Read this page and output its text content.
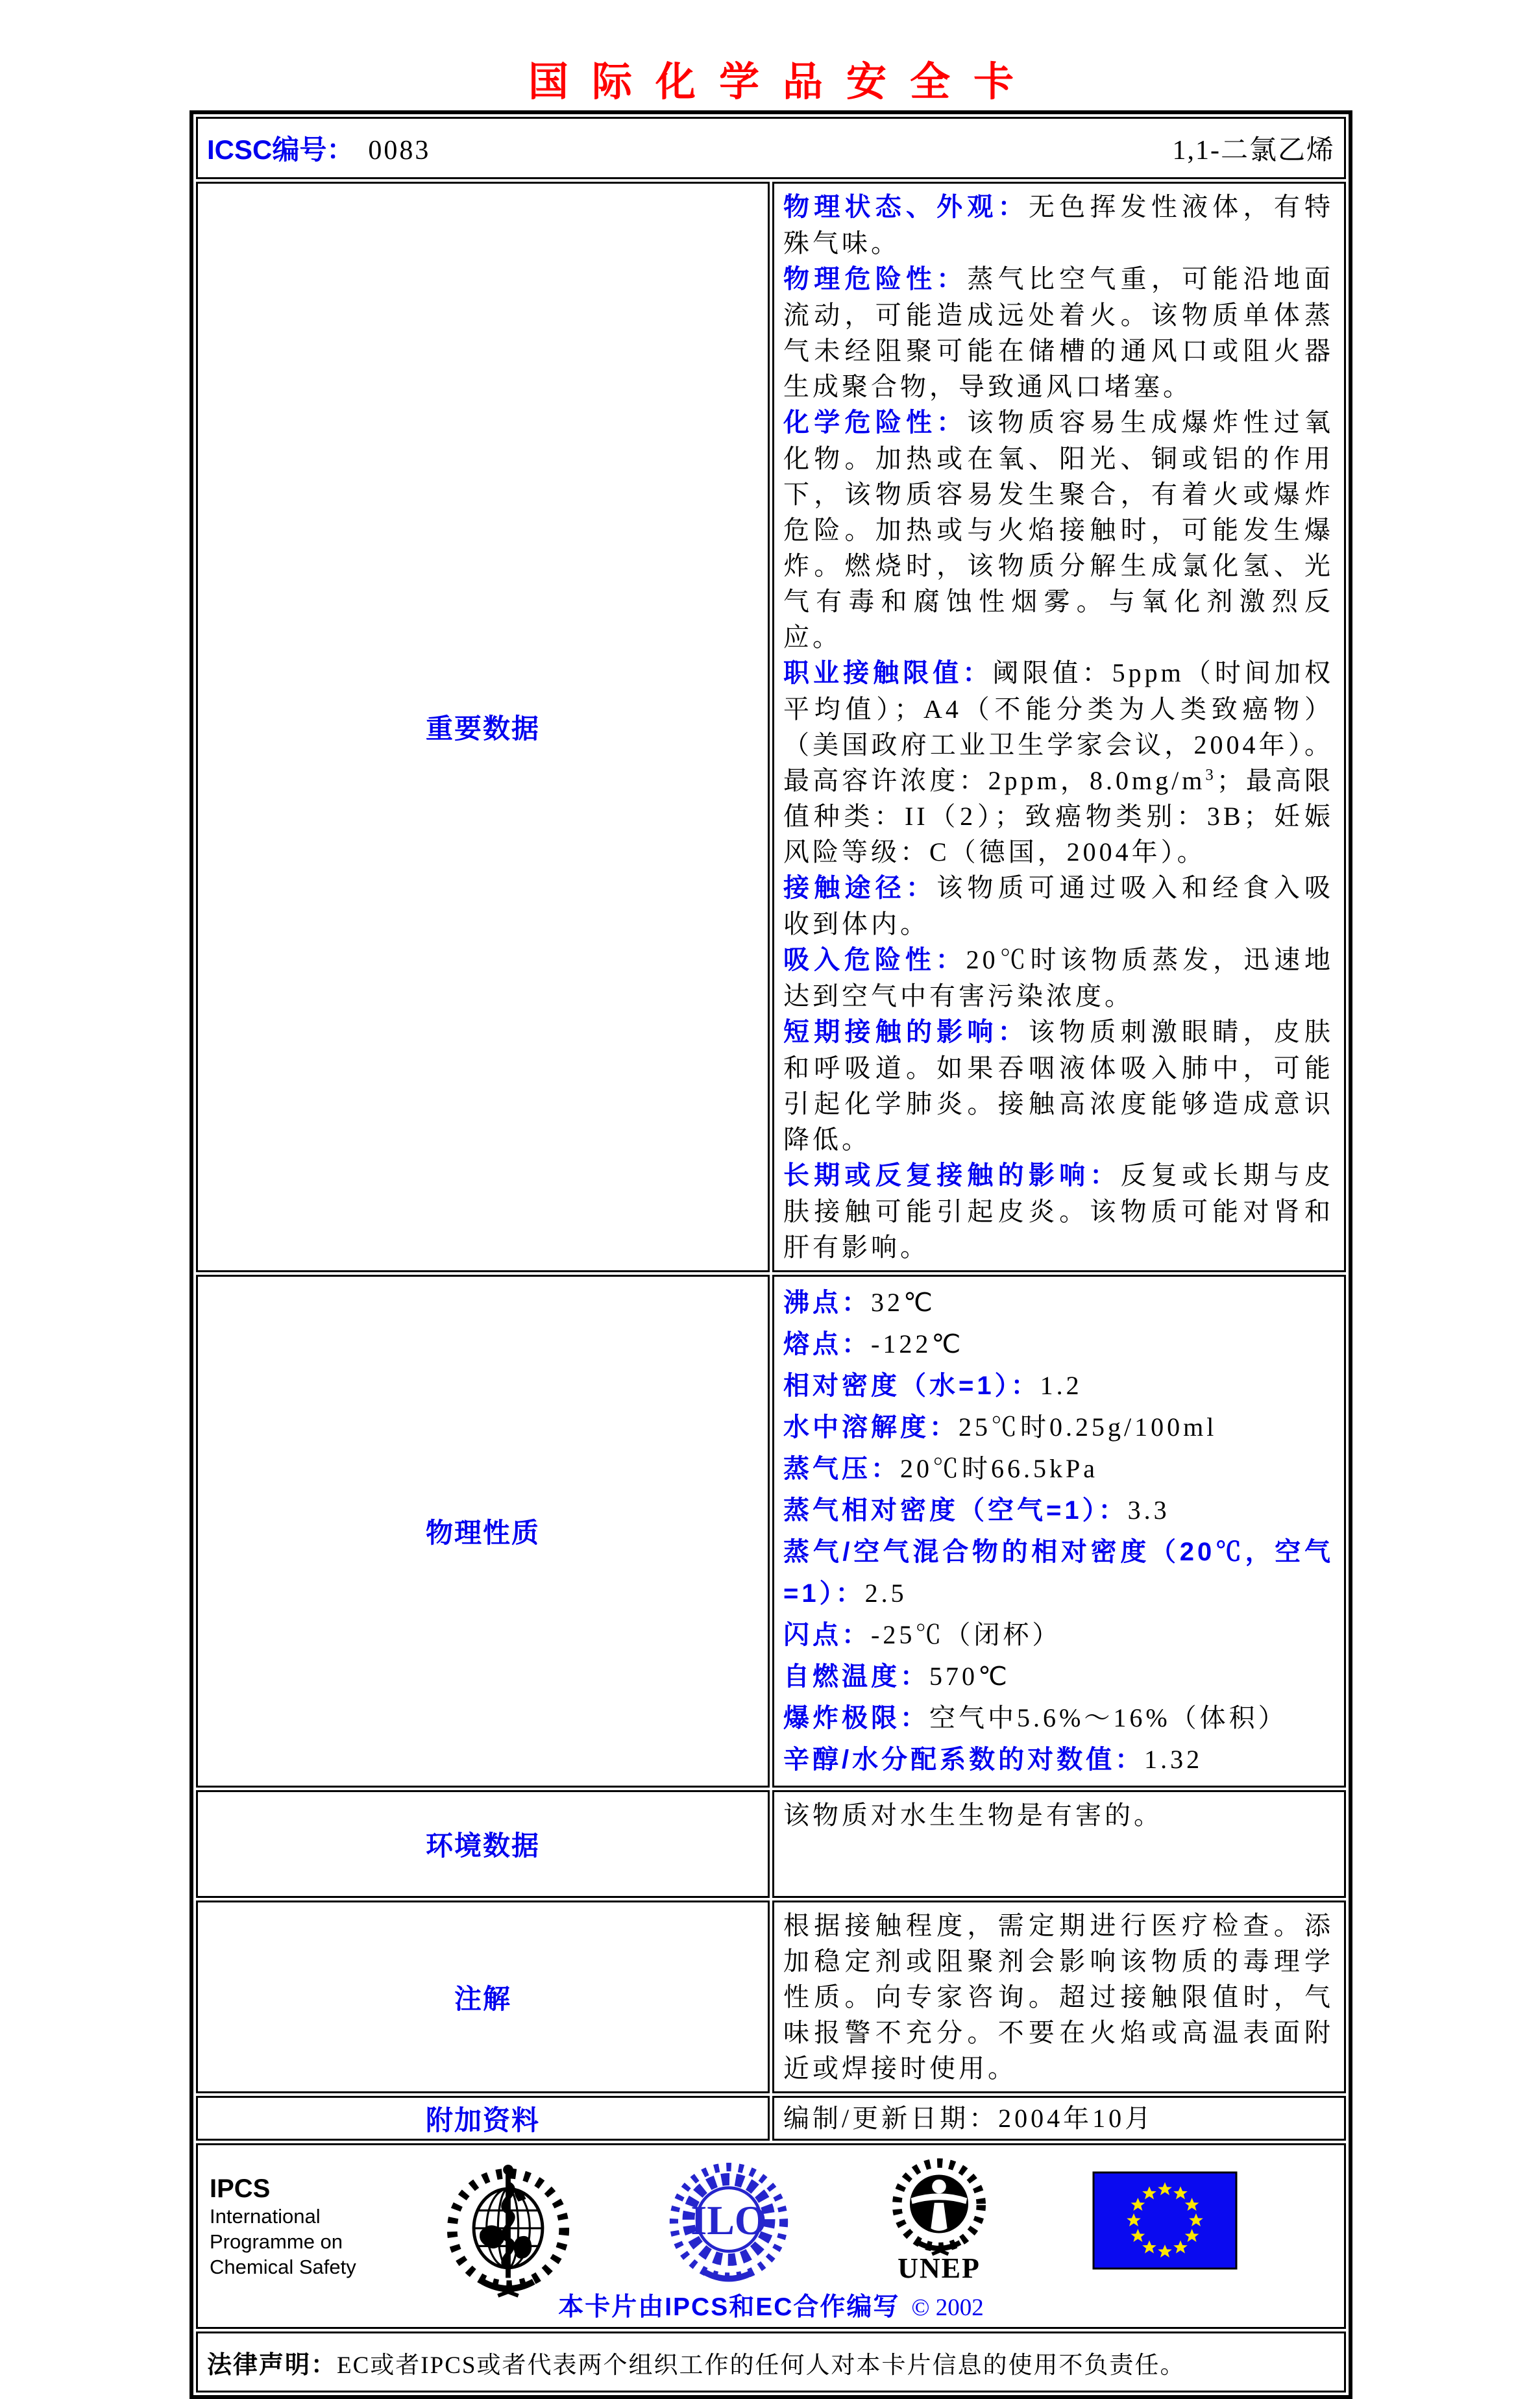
国际化学品安全卡
ICSC编号： 0083 1,1-二氯乙烯	

重要数据	
物理状态、外观：无色挥发性液体，有特殊气味。
物理危险性：蒸气比空气重，可能沿地面流动，可能造成远处着火。该物质单体蒸气未经阻聚可能在储槽的通风口或阻火器生成聚合物，导致通风口堵塞。
化学危险性：该物质容易生成爆炸性过氧化物。加热或在氧、阳光、铜或铝的作用下，该物质容易发生聚合，有着火或爆炸危险。加热或与火焰接触时，可能发生爆炸。燃烧时，该物质分解生成氯化氢、光气有毒和腐蚀性烟雾。与氧化剂激烈反应。
职业接触限值：阈限值：5ppm（时间加权平均值）；A4（不能分类为人类致癌物）（美国政府工业卫生学家会议，2004年）。最高容许浓度：2ppm，$8.0mg/m^3$；最高限值种类：II（2）；致癌物类别：3B；妊娠风险等级：C（德国，2004年）。
接触途径：该物质可通过吸入和经食入吸收到体内。
吸入危险性：20℃时该物质蒸发，迅速地达到空气中有害污染浓度。
短期接触的影响：该物质刺激眼睛，皮肤和呼吸道。如果吞咽液体吸入肺中，可能引起化学肺炎。接触高浓度能够造成意识降低。
长期或反复接触的影响：反复或长期与皮肤接触可能引起皮炎。该物质可能对肾和肝有影响。

物理性质	
沸点：32℃
熔点：-122℃
相对密度（水=1）：1.2
水中溶解度：25℃时0.25g/100ml
蒸气压：20℃时66.5kPa
蒸气相对密度（空气=1）：3.3
蒸气/空气混合物的相对密度（20℃，空气=1）：2.5
闪点：-25℃（闭杯）
自燃温度：570℃
爆炸极限：空气中5.6%～16%（体积）
辛醇/水分配系数的对数值：1.32

环境数据	该物质对水生生物是有害的。
注解	根据接触程度，需定期进行医疗检查。添加稳定剂或阻聚剂会影响该物质的毒理学性质。向专家咨询。超过接触限值时，气味报警不充分。不要在火焰或高温表面附近或焊接时使用。
附加资料	编制/更新日期：2004年10月

IPCS
International
Programme on
Chemical Safety
ILO
UNEP
本卡片由IPCS和EC合作编写 © 2002

法律声明：EC或者IPCS或者代表两个组织工作的任何人对本卡片信息的使用不负责任。	
